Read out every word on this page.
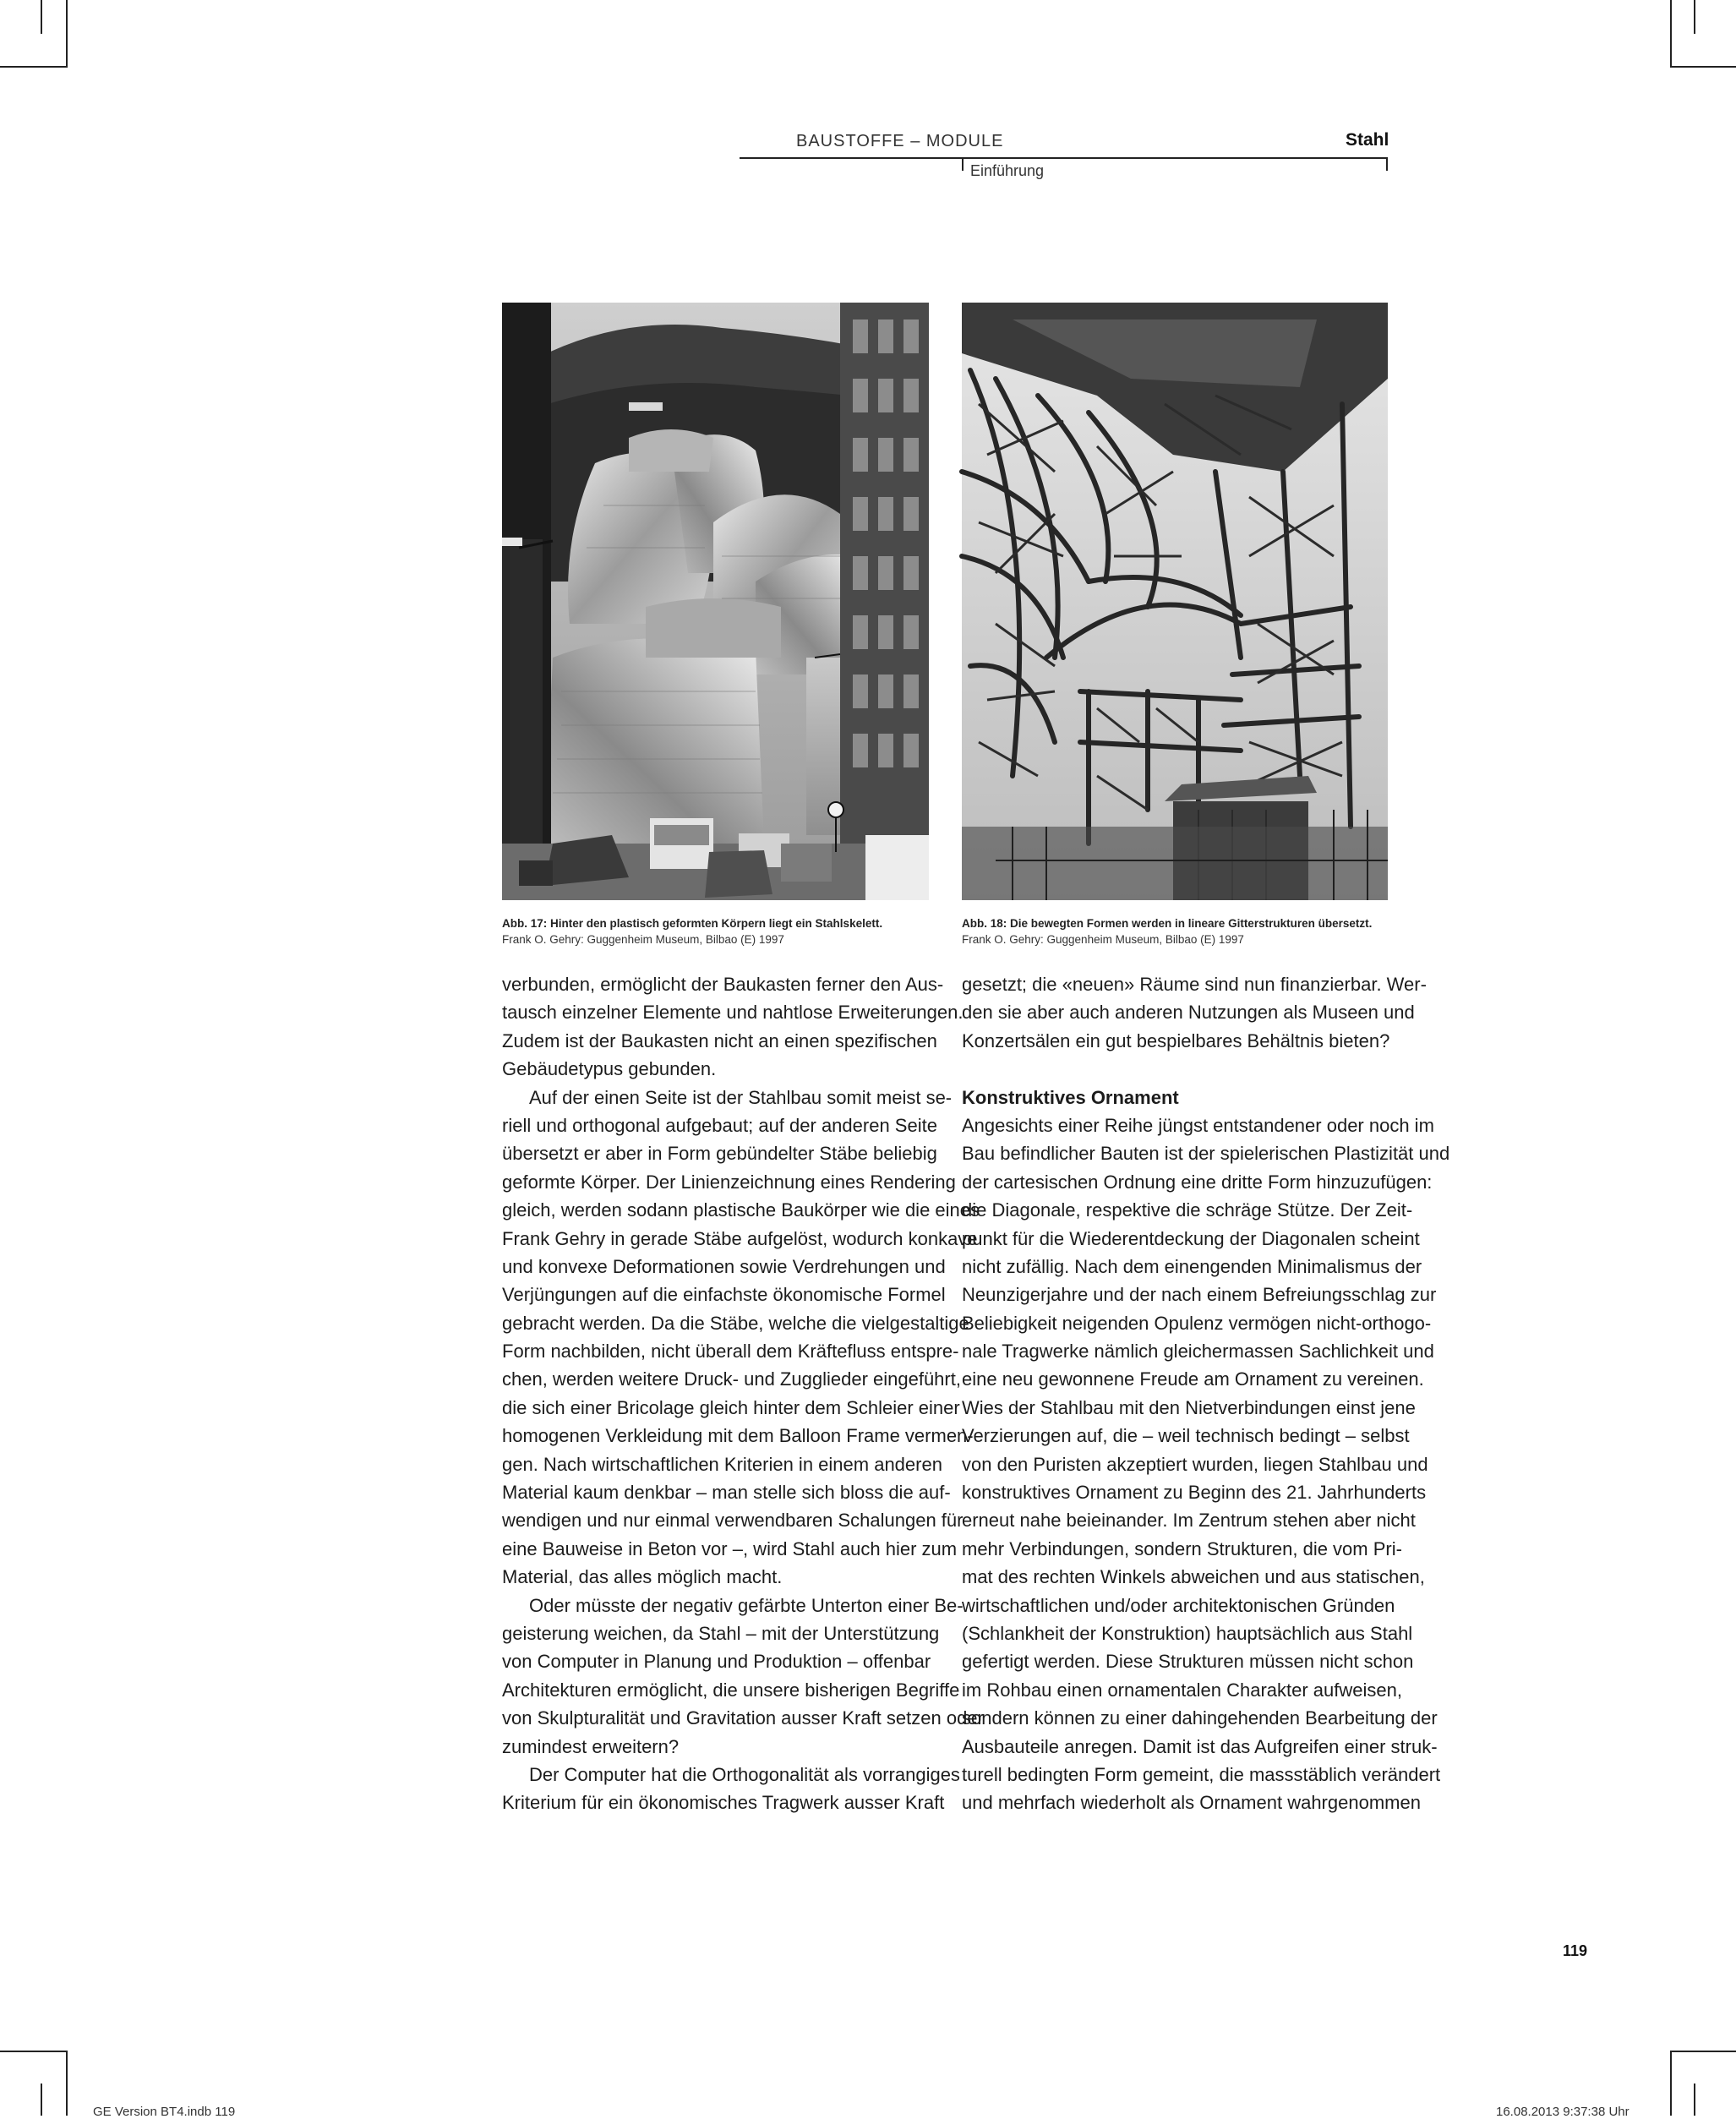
BAUSTOFFE – MODULE	Stahl
Einführung
Abb. 17: Hinter den plastisch geformten Körpern liegt ein Stahlskelett.
Frank O. Gehry: Guggenheim Museum, Bilbao (E) 1997
Abb. 18: Die bewegten Formen werden in lineare Gitterstrukturen übersetzt.
Frank O. Gehry: Guggenheim Museum, Bilbao (E) 1997
verbunden, ermöglicht der Baukasten ferner den Aus-
tausch einzelner Elemente und nahtlose Erweiterungen.
Zudem ist der Baukasten nicht an einen spezifischen
Gebäudetypus gebunden.
Auf der einen Seite ist der Stahlbau somit meist se-
riell und orthogonal aufgebaut; auf der anderen Seite
übersetzt er aber in Form gebündelter Stäbe beliebig
geformte Körper. Der Linienzeichnung eines Rendering
gleich, werden sodann plastische Baukörper wie die eines
Frank Gehry in gerade Stäbe aufgelöst, wodurch konkave
und konvexe Deformationen sowie Verdrehungen und
Verjüngungen auf die einfachste ökonomische Formel
gebracht werden. Da die Stäbe, welche die vielgestaltige
Form nachbilden, nicht überall dem Kräftefluss entspre-
chen, werden weitere Druck- und Zugglieder eingeführt,
die sich einer Bricolage gleich hinter dem Schleier einer
homogenen Verkleidung mit dem Balloon Frame vermen-
gen. Nach wirtschaftlichen Kriterien in einem anderen
Material kaum denkbar – man stelle sich bloss die auf-
wendigen und nur einmal verwendbaren Schalungen für
eine Bauweise in Beton vor –, wird Stahl auch hier zum
Material, das alles möglich macht.
Oder müsste der negativ gefärbte Unterton einer Be-
geisterung weichen, da Stahl – mit der Unterstützung
von Computer in Planung und Produktion – offenbar
Architekturen ermöglicht, die unsere bisherigen Begriffe
von Skulpturalität und Gravitation ausser Kraft setzen oder
zumindest erweitern?
Der Computer hat die Orthogonalität als vorrangiges
Kriterium für ein ökonomisches Tragwerk ausser Kraft
gesetzt; die «neuen» Räume sind nun finanzierbar. Wer-
den sie aber auch anderen Nutzungen als Museen und
Konzertsälen ein gut bespielbares Behältnis bieten?
Konstruktives Ornament
Angesichts einer Reihe jüngst entstandener oder noch im
Bau befindlicher Bauten ist der spielerischen Plastizität und
der cartesischen Ordnung eine dritte Form hinzuzufügen:
die Diagonale, respektive die schräge Stütze. Der Zeit-
punkt für die Wiederentdeckung der Diagonalen scheint
nicht zufällig. Nach dem einengenden Minimalismus der
Neunzigerjahre und der nach einem Befreiungsschlag zur
Beliebigkeit neigenden Opulenz vermögen nicht-orthogo-
nale Tragwerke nämlich gleichermassen Sachlichkeit und
eine neu gewonnene Freude am Ornament zu vereinen.
Wies der Stahlbau mit den Nietverbindungen einst jene
Verzierungen auf, die – weil technisch bedingt – selbst
von den Puristen akzeptiert wurden, liegen Stahlbau und
konstruktives Ornament zu Beginn des 21. Jahrhunderts
erneut nahe beieinander. Im Zentrum stehen aber nicht
mehr Verbindungen, sondern Strukturen, die vom Pri-
mat des rechten Winkels abweichen und aus statischen,
wirtschaftlichen und/oder architektonischen Gründen
(Schlankheit der Konstruktion) hauptsächlich aus Stahl
gefertigt werden. Diese Strukturen müssen nicht schon
im Rohbau einen ornamentalen Charakter aufweisen,
sondern können zu einer dahingehenden Bearbeitung der
Ausbauteile anregen. Damit ist das Aufgreifen einer struk-
turell bedingten Form gemeint, die massstäblich verändert
und mehrfach wiederholt als Ornament wahrgenommen
119
GE Version BT4.indb 119	16.08.2013 9:37:38 Uhr
